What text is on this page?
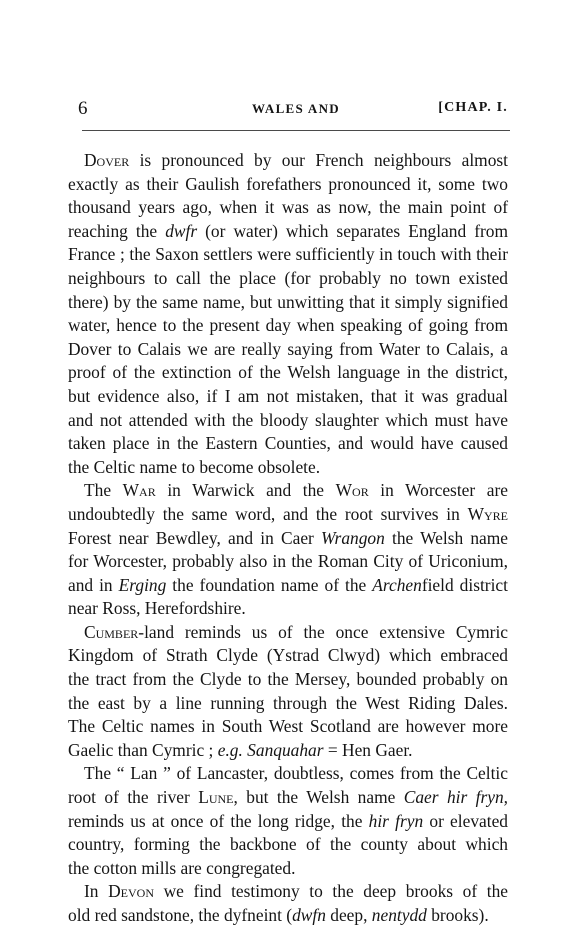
6	WALES AND	[CHAP. I.
Dover is pronounced by our French neighbours almost
exactly as their Gaulish forefathers pronounced it, some two
thousand years ago, when it was as now, the main point of
reaching the dwfr (or water) which separates England from
France ; the Saxon settlers were sufficiently in touch with their
neighbours to call the place (for probably no town existed
there) by the same name, but unwitting that it simply signified
water, hence to the present day when speaking of going from
Dover to Calais we are really saying from Water to Calais, a
proof of the extinction of the Welsh language in the district,
but evidence also, if I am not mistaken, that it was gradual
and not attended with the bloody slaughter which must have
taken place in the Eastern Counties, and would have caused
the Celtic name to become obsolete.
The War in Warwick and the Wor in Worcester are
undoubtedly the same word, and the root survives in Wyre
Forest near Bewdley, and in Caer Wrangon the Welsh name
for Worcester, probably also in the Roman City of Uriconium,
and in Erging the foundation name of the Archenfield district
near Ross, Herefordshire.
Cumber-land reminds us of the once extensive Cymric
Kingdom of Strath Clyde (Ystrad Clwyd) which embraced
the tract from the Clyde to the Mersey, bounded probably on
the east by a line running through the West Riding Dales.
The Celtic names in South West Scotland are however more
Gaelic than Cymric ; e.g. Sanquahar = Hen Gaer.
The “ Lan ” of Lancaster, doubtless, comes from the Celtic
root of the river Lune, but the Welsh name Caer hir fryn,
reminds us at once of the long ridge, the hir fryn or elevated
country, forming the backbone of the county about which
the cotton mills are congregated.
In Devon we find testimony to the deep brooks of the
old red sandstone, the dyfneint (dwfn deep, nentydd brooks).
